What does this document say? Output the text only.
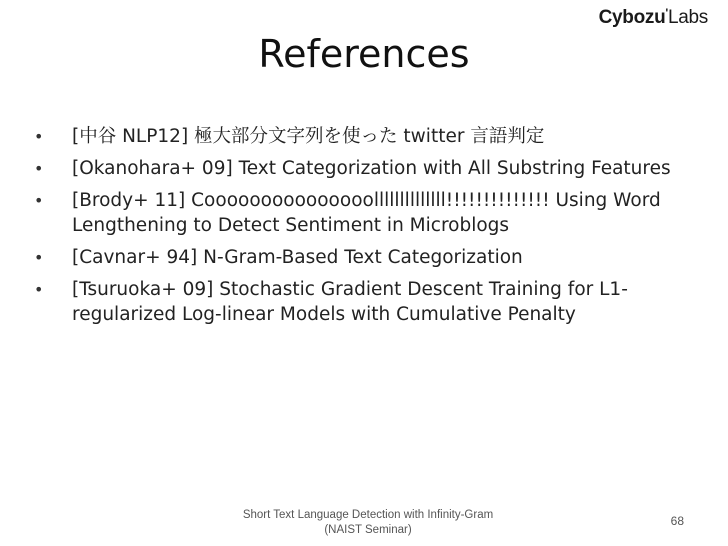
Cybozu'Labs
References
• [中谷 NLP12] 極大部分文字列を使った twitter 言語判定
• [Okanohara+ 09] Text Categorization with All Substring Features
• [Brody+ 11] Cooooooooooooooollllllllllllll!!!!!!!!!!!!!! Using Word Lengthening to Detect Sentiment in Microblogs
• [Cavnar+ 94] N-Gram-Based Text Categorization
• [Tsuruoka+ 09] Stochastic Gradient Descent Training for L1-regularized Log-linear Models with Cumulative Penalty
Short Text Language Detection with Infinity-Gram
(NAIST Seminar)
68
